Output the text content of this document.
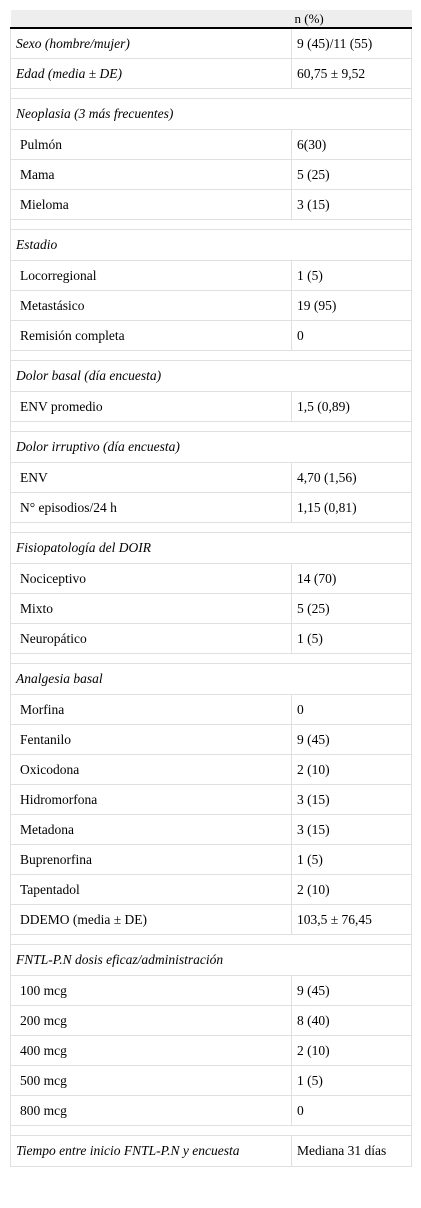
	n (%)
Sexo (hombre/mujer)	9 (45)/11 (55)
Edad (media ± DE)	60,75 ± 9,52

Neoplasia (3 más frecuentes)	
Pulmón	6(30)
Mama	5 (25)
Mieloma	3 (15)

Estadio	
Locorregional	1 (5)
Metastásico	19 (95)
Remisión completa	0

Dolor basal (día encuesta)	
ENV promedio	1,5 (0,89)

Dolor irruptivo (día encuesta)	
ENV	4,70 (1,56)
N° episodios/24 h	1,15 (0,81)

Fisiopatología del DOIR	
Nociceptivo	14 (70)
Mixto	5 (25)
Neuropático	1 (5)

Analgesia basal	
Morfina	0
Fentanilo	9 (45)
Oxicodona	2 (10)
Hidromorfona	3 (15)
Metadona	3 (15)
Buprenorfina	1 (5)
Tapentadol	2 (10)
DDEMO (media ± DE)	103,5 ± 76,45

FNTL-P.N dosis eficaz/administración	
100 mcg	9 (45)
200 mcg	8 (40)
400 mcg	2 (10)
500 mcg	1 (5)
800 mcg	0

Tiempo entre inicio FNTL-P.N y encuesta	Mediana 31 días
